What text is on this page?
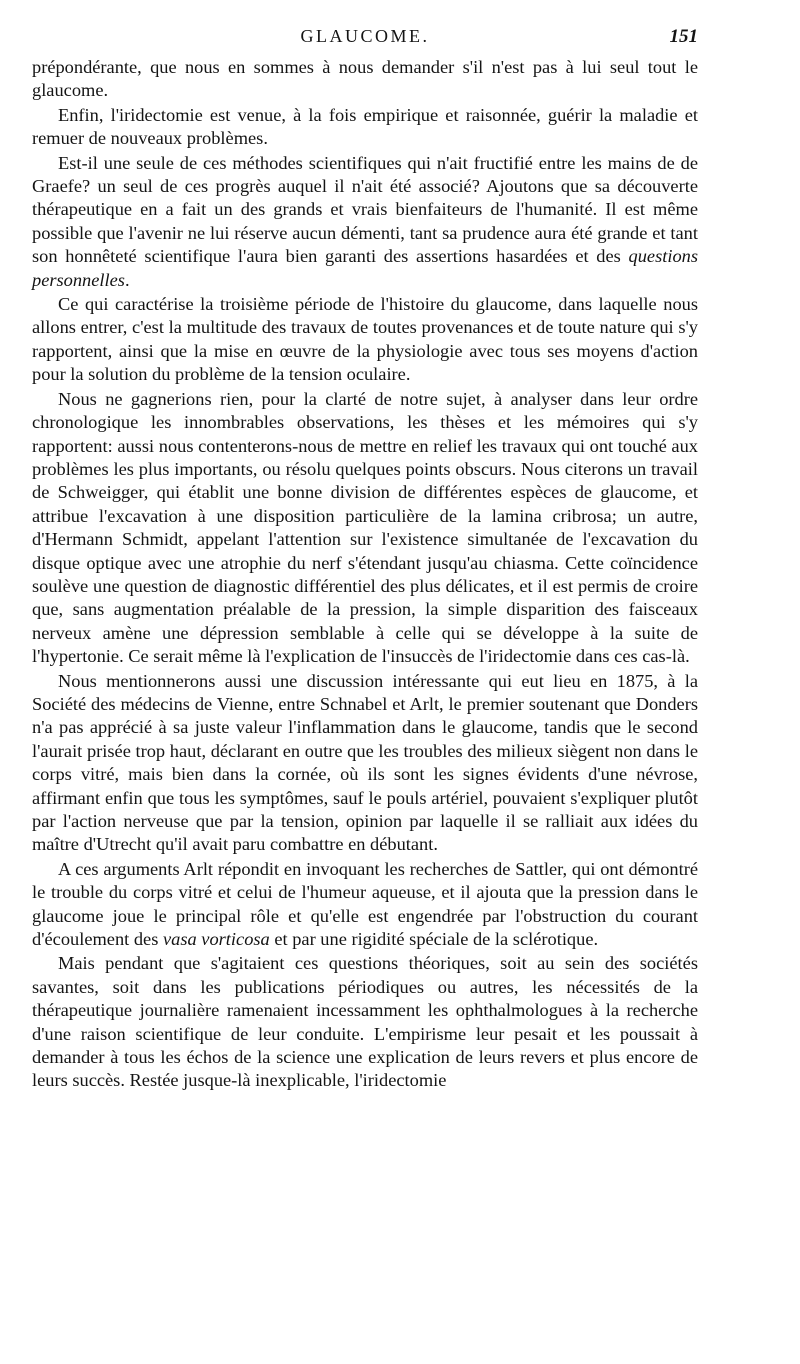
GLAUCOME.	151

prépondérante, que nous en sommes à nous demander s'il n'est pas à lui seul tout le glaucome.

Enfin, l'iridectomie est venue, à la fois empirique et raisonnée, guérir la maladie et remuer de nouveaux problèmes.

Est-il une seule de ces méthodes scientifiques qui n'ait fructifié entre les mains de de Graefe? un seul de ces progrès auquel il n'ait été associé? Ajoutons que sa découverte thérapeutique en a fait un des grands et vrais bienfaiteurs de l'humanité. Il est même possible que l'avenir ne lui réserve aucun démenti, tant sa prudence aura été grande et tant son honnêteté scientifique l'aura bien garanti des assertions hasardées et des questions personnelles.

Ce qui caractérise la troisième période de l'histoire du glaucome, dans laquelle nous allons entrer, c'est la multitude des travaux de toutes provenances et de toute nature qui s'y rapportent, ainsi que la mise en œuvre de la physiologie avec tous ses moyens d'action pour la solution du problème de la tension oculaire.

Nous ne gagnerions rien, pour la clarté de notre sujet, à analyser dans leur ordre chronologique les innombrables observations, les thèses et les mémoires qui s'y rapportent: aussi nous contenterons-nous de mettre en relief les travaux qui ont touché aux problèmes les plus importants, ou résolu quelques points obscurs. Nous citerons un travail de Schweigger, qui établit une bonne division de différentes espèces de glaucome, et attribue l'excavation à une disposition particulière de la lamina cribrosa; un autre, d'Hermann Schmidt, appelant l'attention sur l'existence simultanée de l'excavation du disque optique avec une atrophie du nerf s'étendant jusqu'au chiasma. Cette coïncidence soulève une question de diagnostic différentiel des plus délicates, et il est permis de croire que, sans augmentation préalable de la pression, la simple disparition des faisceaux nerveux amène une dépression semblable à celle qui se développe à la suite de l'hypertonie. Ce serait même là l'explication de l'insuccès de l'iridectomie dans ces cas-là.

Nous mentionnerons aussi une discussion intéressante qui eut lieu en 1875, à la Société des médecins de Vienne, entre Schnabel et Arlt, le premier soutenant que Donders n'a pas apprécié à sa juste valeur l'inflammation dans le glaucome, tandis que le second l'aurait prisée trop haut, déclarant en outre que les troubles des milieux siègent non dans le corps vitré, mais bien dans la cornée, où ils sont les signes évidents d'une névrose, affirmant enfin que tous les symptômes, sauf le pouls artériel, pouvaient s'expliquer plutôt par l'action nerveuse que par la tension, opinion par laquelle il se ralliait aux idées du maître d'Utrecht qu'il avait paru combattre en débutant.

A ces arguments Arlt répondit en invoquant les recherches de Sattler, qui ont démontré le trouble du corps vitré et celui de l'humeur aqueuse, et il ajouta que la pression dans le glaucome joue le principal rôle et qu'elle est engendrée par l'obstruction du courant d'écoulement des vasa vorticosa et par une rigidité spéciale de la sclérotique.

Mais pendant que s'agitaient ces questions théoriques, soit au sein des sociétés savantes, soit dans les publications périodiques ou autres, les nécessités de la thérapeutique journalière ramenaient incessamment les ophthalmologues à la recherche d'une raison scientifique de leur conduite. L'empirisme leur pesait et les poussait à demander à tous les échos de la science une explication de leurs revers et plus encore de leurs succès. Restée jusque-là inexplicable, l'iridectomie
